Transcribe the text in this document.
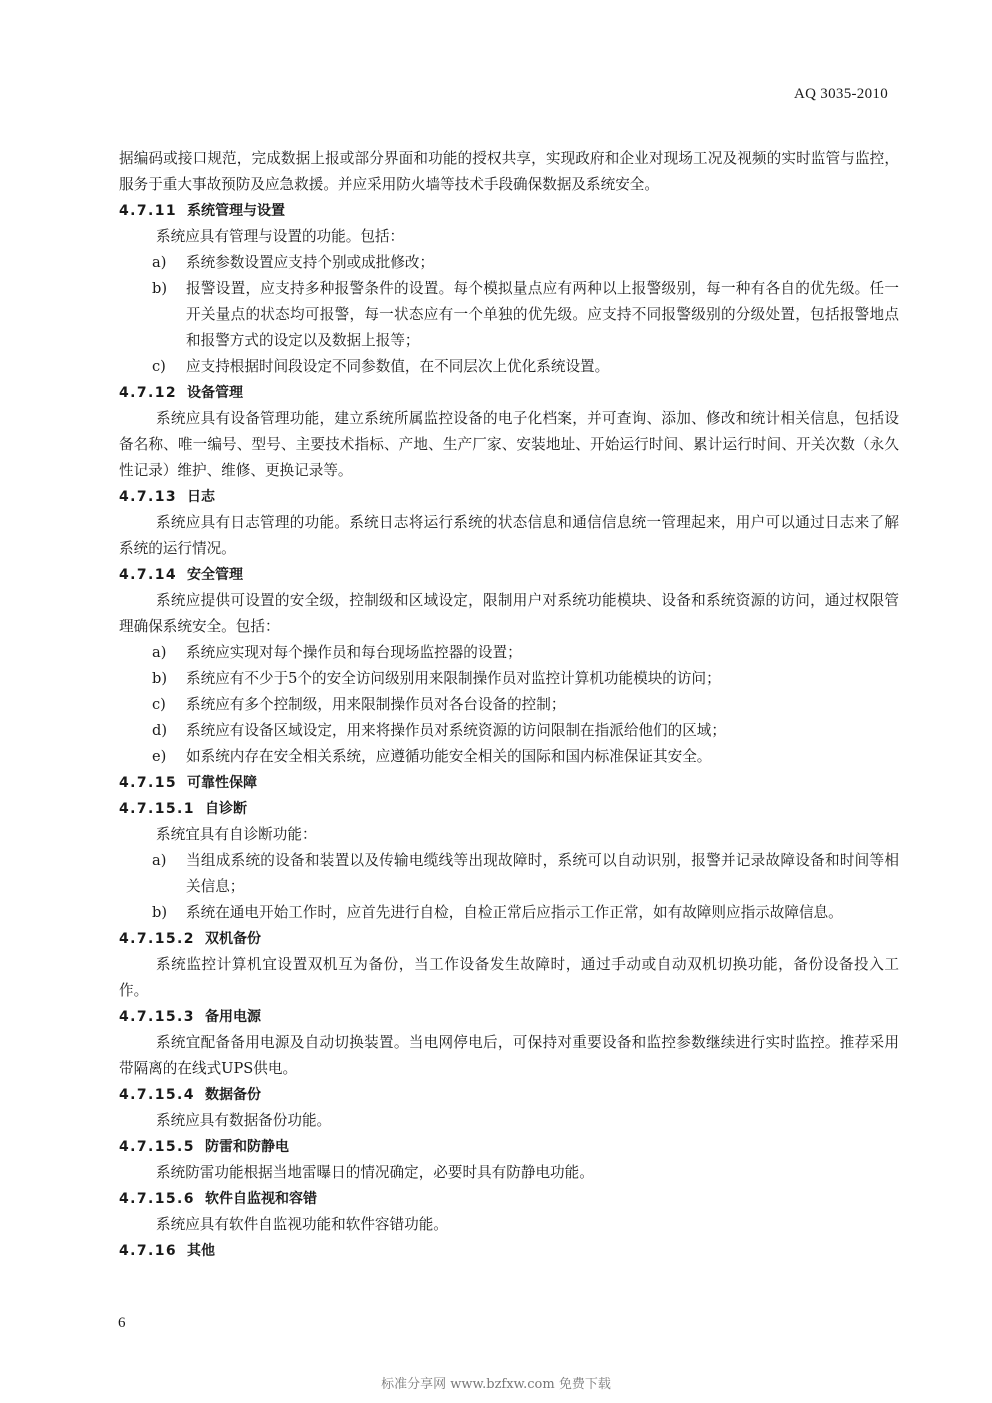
AQ 3035-2010

据编码或接口规范，完成数据上报或部分界面和功能的授权共享，实现政府和企业对现场工况及视频的实时监管与监控，服务于重大事故预防及应急救援。并应采用防火墙等技术手段确保数据及系统安全。

4.7.11 系统管理与设置

系统应具有管理与设置的功能。包括：

a)	系统参数设置应支持个别或成批修改；
b)	报警设置，应支持多种报警条件的设置。每个模拟量点应有两种以上报警级别，每一种有各自的优先级。任一开关量点的状态均可报警，每一状态应有一个单独的优先级。应支持不同报警级别的分级处置，包括报警地点和报警方式的设定以及数据上报等；
c)	应支持根据时间段设定不同参数值，在不同层次上优化系统设置。
4.7.12 设备管理

系统应具有设备管理功能，建立系统所属监控设备的电子化档案，并可查询、添加、修改和统计相关信息，包括设备名称、唯一编号、型号、主要技术指标、产地、生产厂家、安装地址、开始运行时间、累计运行时间、开关次数（永久性记录）维护、维修、更换记录等。

4.7.13 日志

系统应具有日志管理的功能。系统日志将运行系统的状态信息和通信信息统一管理起来，用户可以通过日志来了解系统的运行情况。

4.7.14 安全管理

系统应提供可设置的安全级，控制级和区域设定，限制用户对系统功能模块、设备和系统资源的访问，通过权限管理确保系统安全。包括：

a)	系统应实现对每个操作员和每台现场监控器的设置；
b)	系统应有不少于5个的安全访问级别用来限制操作员对监控计算机功能模块的访问；
c)	系统应有多个控制级，用来限制操作员对各台设备的控制；
d)	系统应有设备区域设定，用来将操作员对系统资源的访问限制在指派给他们的区域；
e)	如系统内存在安全相关系统，应遵循功能安全相关的国际和国内标准保证其安全。
4.7.15 可靠性保障
4.7.15.1 自诊断

系统宜具有自诊断功能：

a)	当组成系统的设备和装置以及传输电缆线等出现故障时，系统可以自动识别，报警并记录故障设备和时间等相关信息；
b)	系统在通电开始工作时，应首先进行自检，自检正常后应指示工作正常，如有故障则应指示故障信息。
4.7.15.2 双机备份

系统监控计算机宜设置双机互为备份，当工作设备发生故障时，通过手动或自动双机切换功能，备份设备投入工作。

4.7.15.3 备用电源

系统宜配备备用电源及自动切换装置。当电网停电后，可保持对重要设备和监控参数继续进行实时监控。推荐采用带隔离的在线式UPS供电。

4.7.15.4 数据备份

系统应具有数据备份功能。

4.7.15.5 防雷和防静电

系统防雷功能根据当地雷曝日的情况确定，必要时具有防静电功能。

4.7.15.6 软件自监视和容错

系统应具有软件自监视功能和软件容错功能。

4.7.16 其他
6
标准分享网 www.bzfxw.com 免费下载
